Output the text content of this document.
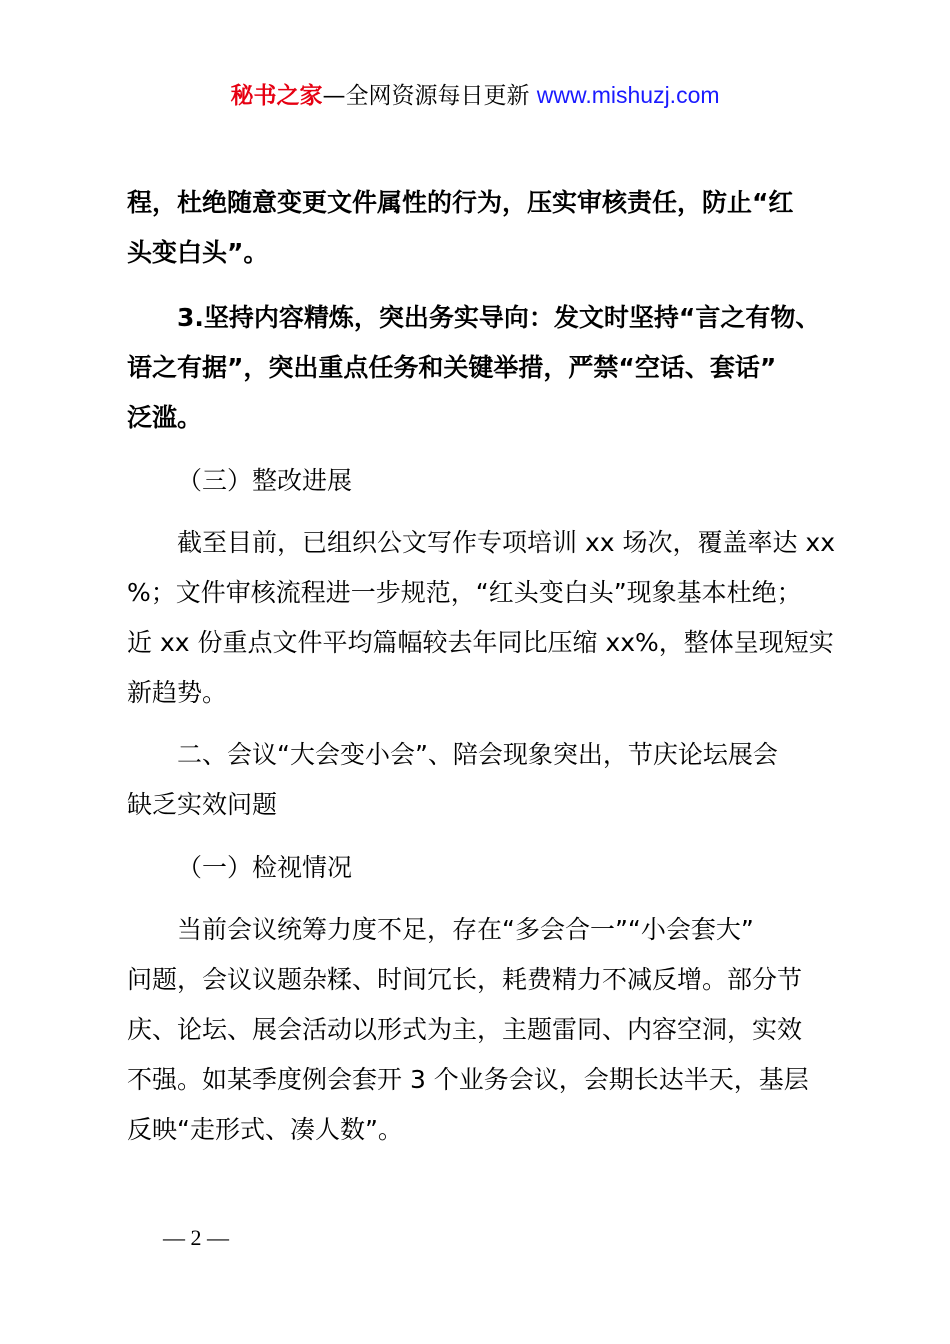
秘书之家—全网资源每日更新 www.mishuzj.com

程，杜绝随意变更文件属性的行为，压实审核责任，防止“红
头变白头”。

3.坚持内容精炼，突出务实导向：发文时坚持“言之有物、
语之有据”，突出重点任务和关键举措，严禁“空话、套话”
泛滥。

（三）整改进展

截至目前，已组织公文写作专项培训 xx 场次，覆盖率达 xx
%；文件审核流程进一步规范，“红头变白头”现象基本杜绝；
近 xx 份重点文件平均篇幅较去年同比压缩 xx%，整体呈现短实
新趋势。

二、会议“大会变小会”、陪会现象突出，节庆论坛展会
缺乏实效问题

（一）检视情况

当前会议统筹力度不足，存在“多会合一”“小会套大”
问题，会议议题杂糅、时间冗长，耗费精力不减反增。部分节
庆、论坛、展会活动以形式为主，主题雷同、内容空洞，实效
不强。如某季度例会套开 3 个业务会议，会期长达半天，基层
反映“走形式、凑人数”。

— 2 —
